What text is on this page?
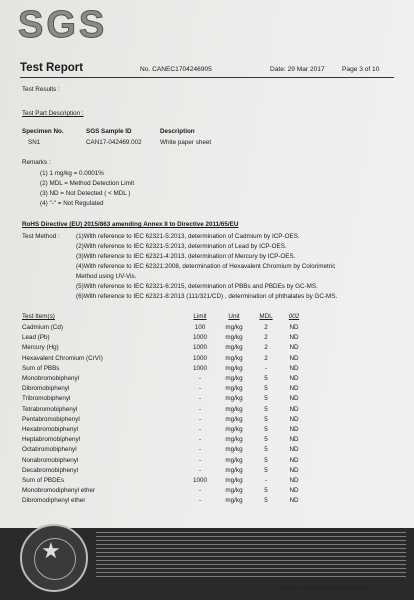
SGS
Test Report	No. CANEC1704246905	Date: 29 Mar 2017	Page 3 of 10
Test Results :
Test Part Description :
Specimen No.	SGS Sample ID	Description
SN1	CAN17-042469.002	White paper sheet
Remarks :
(1) 1 mg/kg = 0.0001%
(2) MDL = Method Detection Limit
(3) ND = Not Detected ( < MDL )
(4) "-" = Not Regulated
RoHS Directive (EU) 2015/863 amending Annex II to Directive 2011/65/EU
Test Method :	(1)With reference to IEC 62321-5:2013, determination of Cadmium by ICP-OES.
(2)With reference to IEC 62321-5:2013, determination of Lead by ICP-OES.
(3)With reference to IEC 62321-4:2013, determination of Mercury by ICP-OES.
(4)With reference to IEC 62321:2008, determination of Hexavalent Chromium by Colorimetric
Method using UV-Vis.
(5)With reference to IEC 62321-6:2015, determination of PBBs and PBDEs by GC-MS.
(6)With reference to IEC 62321-8:2013 (111/321/CD) , determination of phthalates by GC-MS.
Test Item(s)	Limit	Unit	MDL	002
Cadmium (Cd)	100	mg/kg	2	ND
Lead (Pb)	1000	mg/kg	2	ND
Mercury (Hg)	1000	mg/kg	2	ND
Hexavalent Chromium (CrVI)	1000	mg/kg	2	ND
Sum of PBBs	1000	mg/kg	-	ND
Monobromobiphenyl	-	mg/kg	5	ND
Dibromobiphenyl	-	mg/kg	5	ND
Tribromobiphenyl	-	mg/kg	5	ND
Tetrabromobiphenyl	-	mg/kg	5	ND
Pentabromobiphenyl	-	mg/kg	5	ND
Hexabromobiphenyl	-	mg/kg	5	ND
Heptabromobiphenyl	-	mg/kg	5	ND
Octabromobiphenyl	-	mg/kg	5	ND
Nonabromobiphenyl	-	mg/kg	5	ND
Decabromobiphenyl	-	mg/kg	5	ND
Sum of PBDEs	1000	mg/kg	-	ND
Monobromodiphenyl ether	-	mg/kg	5	ND
Dibromodiphenyl ether	-	mg/kg	5	ND
★
Member of the SGS Group (SGS SA)
